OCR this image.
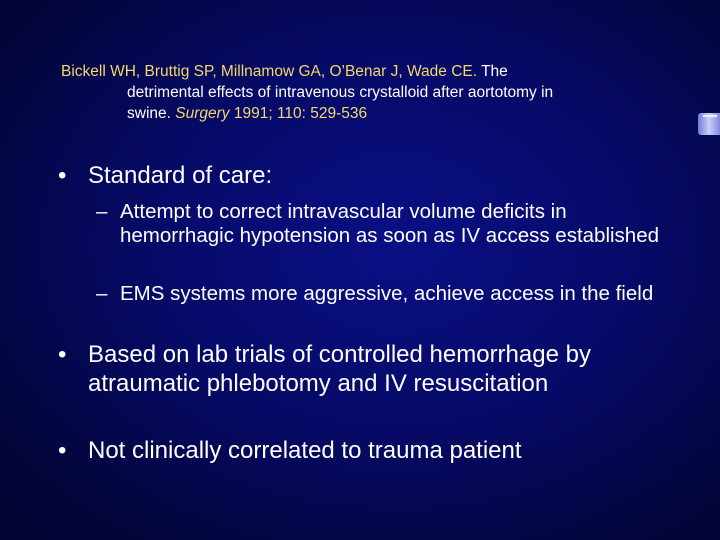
Bickell WH, Bruttig SP, Millnamow GA, O’Benar J, Wade CE. The
detrimental effects of intravenous crystalloid after aortotomy in
swine. Surgery 1991; 110: 529-536
• Standard of care:
– Attempt to correct intravascular volume deficits in hemorrhagic hypotension as soon as IV access established
– EMS systems more aggressive, achieve access in the field
• Based on lab trials of controlled hemorrhage by atraumatic phlebotomy and IV resuscitation
• Not clinically correlated to trauma patient
